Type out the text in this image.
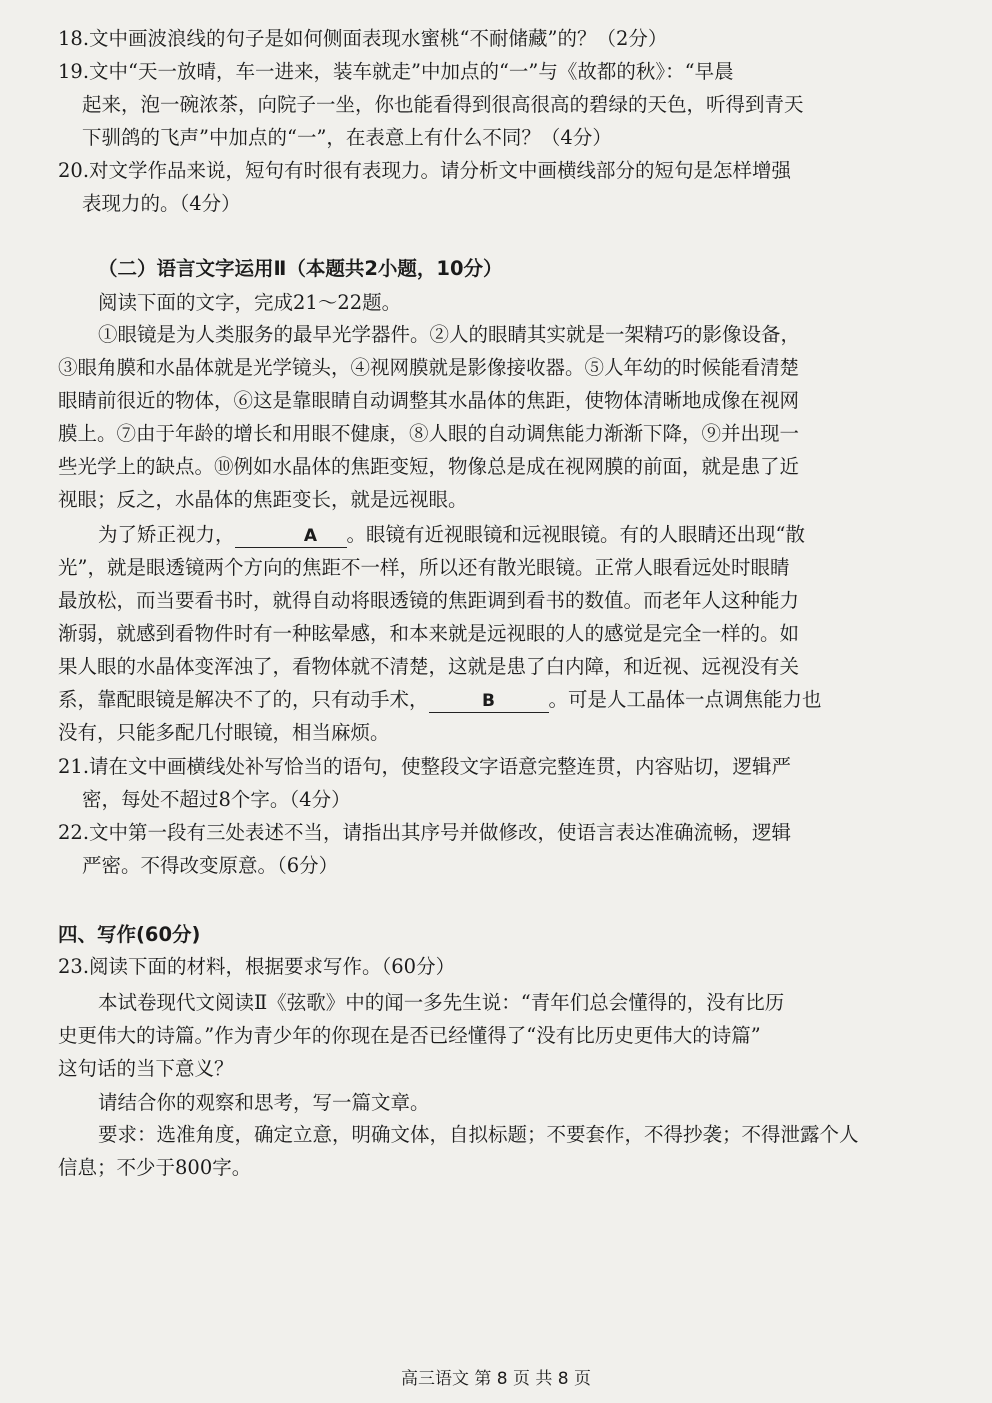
18.文中画波浪线的句子是如何侧面表现水蜜桃“不耐储藏”的？（2分）
19.文中“天一放晴，车一进来，装车就走”中加点的“一”与《故都的秋》：“早晨
起来，泡一碗浓茶，向院子一坐，你也能看得到很高很高的碧绿的天色，听得到青天
下驯鸽的飞声”中加点的“一”，在表意上有什么不同？（4分）
20.对文学作品来说，短句有时很有表现力。请分析文中画横线部分的短句是怎样增强
表现力的。（4分）
（二）语言文字运用Ⅱ（本题共2小题，10分）
阅读下面的文字，完成21～22题。
①眼镜是为人类服务的最早光学器件。②人的眼睛其实就是一架精巧的影像设备，
③眼角膜和水晶体就是光学镜头，④视网膜就是影像接收器。⑤人年幼的时候能看清楚
眼睛前很近的物体，⑥这是靠眼睛自动调整其水晶体的焦距，使物体清晰地成像在视网
膜上。⑦由于年龄的增长和用眼不健康，⑧人眼的自动调焦能力渐渐下降，⑨并出现一
些光学上的缺点。⑩例如水晶体的焦距变短，物像总是成在视网膜的前面，就是患了近
视眼；反之，水晶体的焦距变长，就是远视眼。
为了矫正视力，	A 。眼镜有近视眼镜和远视眼镜。有的人眼睛还出现“散
光”，就是眼透镜两个方向的焦距不一样，所以还有散光眼镜。正常人眼看远处时眼睛
最放松，而当要看书时，就得自动将眼透镜的焦距调到看书的数值。而老年人这种能力
渐弱，就感到看物件时有一种眩晕感，和本来就是远视眼的人的感觉是完全一样的。如
果人眼的水晶体变浑浊了，看物体就不清楚，这就是患了白内障，和近视、远视没有关
系，靠配眼镜是解决不了的，只有动手术，	B	。可是人工晶体一点调焦能力也
没有，只能多配几付眼镜，相当麻烦。
21.请在文中画横线处补写恰当的语句，使整段文字语意完整连贯，内容贴切，逻辑严
密，每处不超过8个字。（4分）
22.文中第一段有三处表述不当，请指出其序号并做修改，使语言表达准确流畅，逻辑
严密。不得改变原意。（6分）
四、写作(60分)
23.阅读下面的材料，根据要求写作。（60分）
本试卷现代文阅读Ⅱ《弦歌》中的闻一多先生说：“青年们总会懂得的，没有比历
史更伟大的诗篇。”作为青少年的你现在是否已经懂得了“没有比历史更伟大的诗篇”
这句话的当下意义？
请结合你的观察和思考，写一篇文章。
要求：选准角度，确定立意，明确文体，自拟标题；不要套作，不得抄袭；不得泄露个人
信息；不少于800字。
高三语文 第 8 页 共 8 页
